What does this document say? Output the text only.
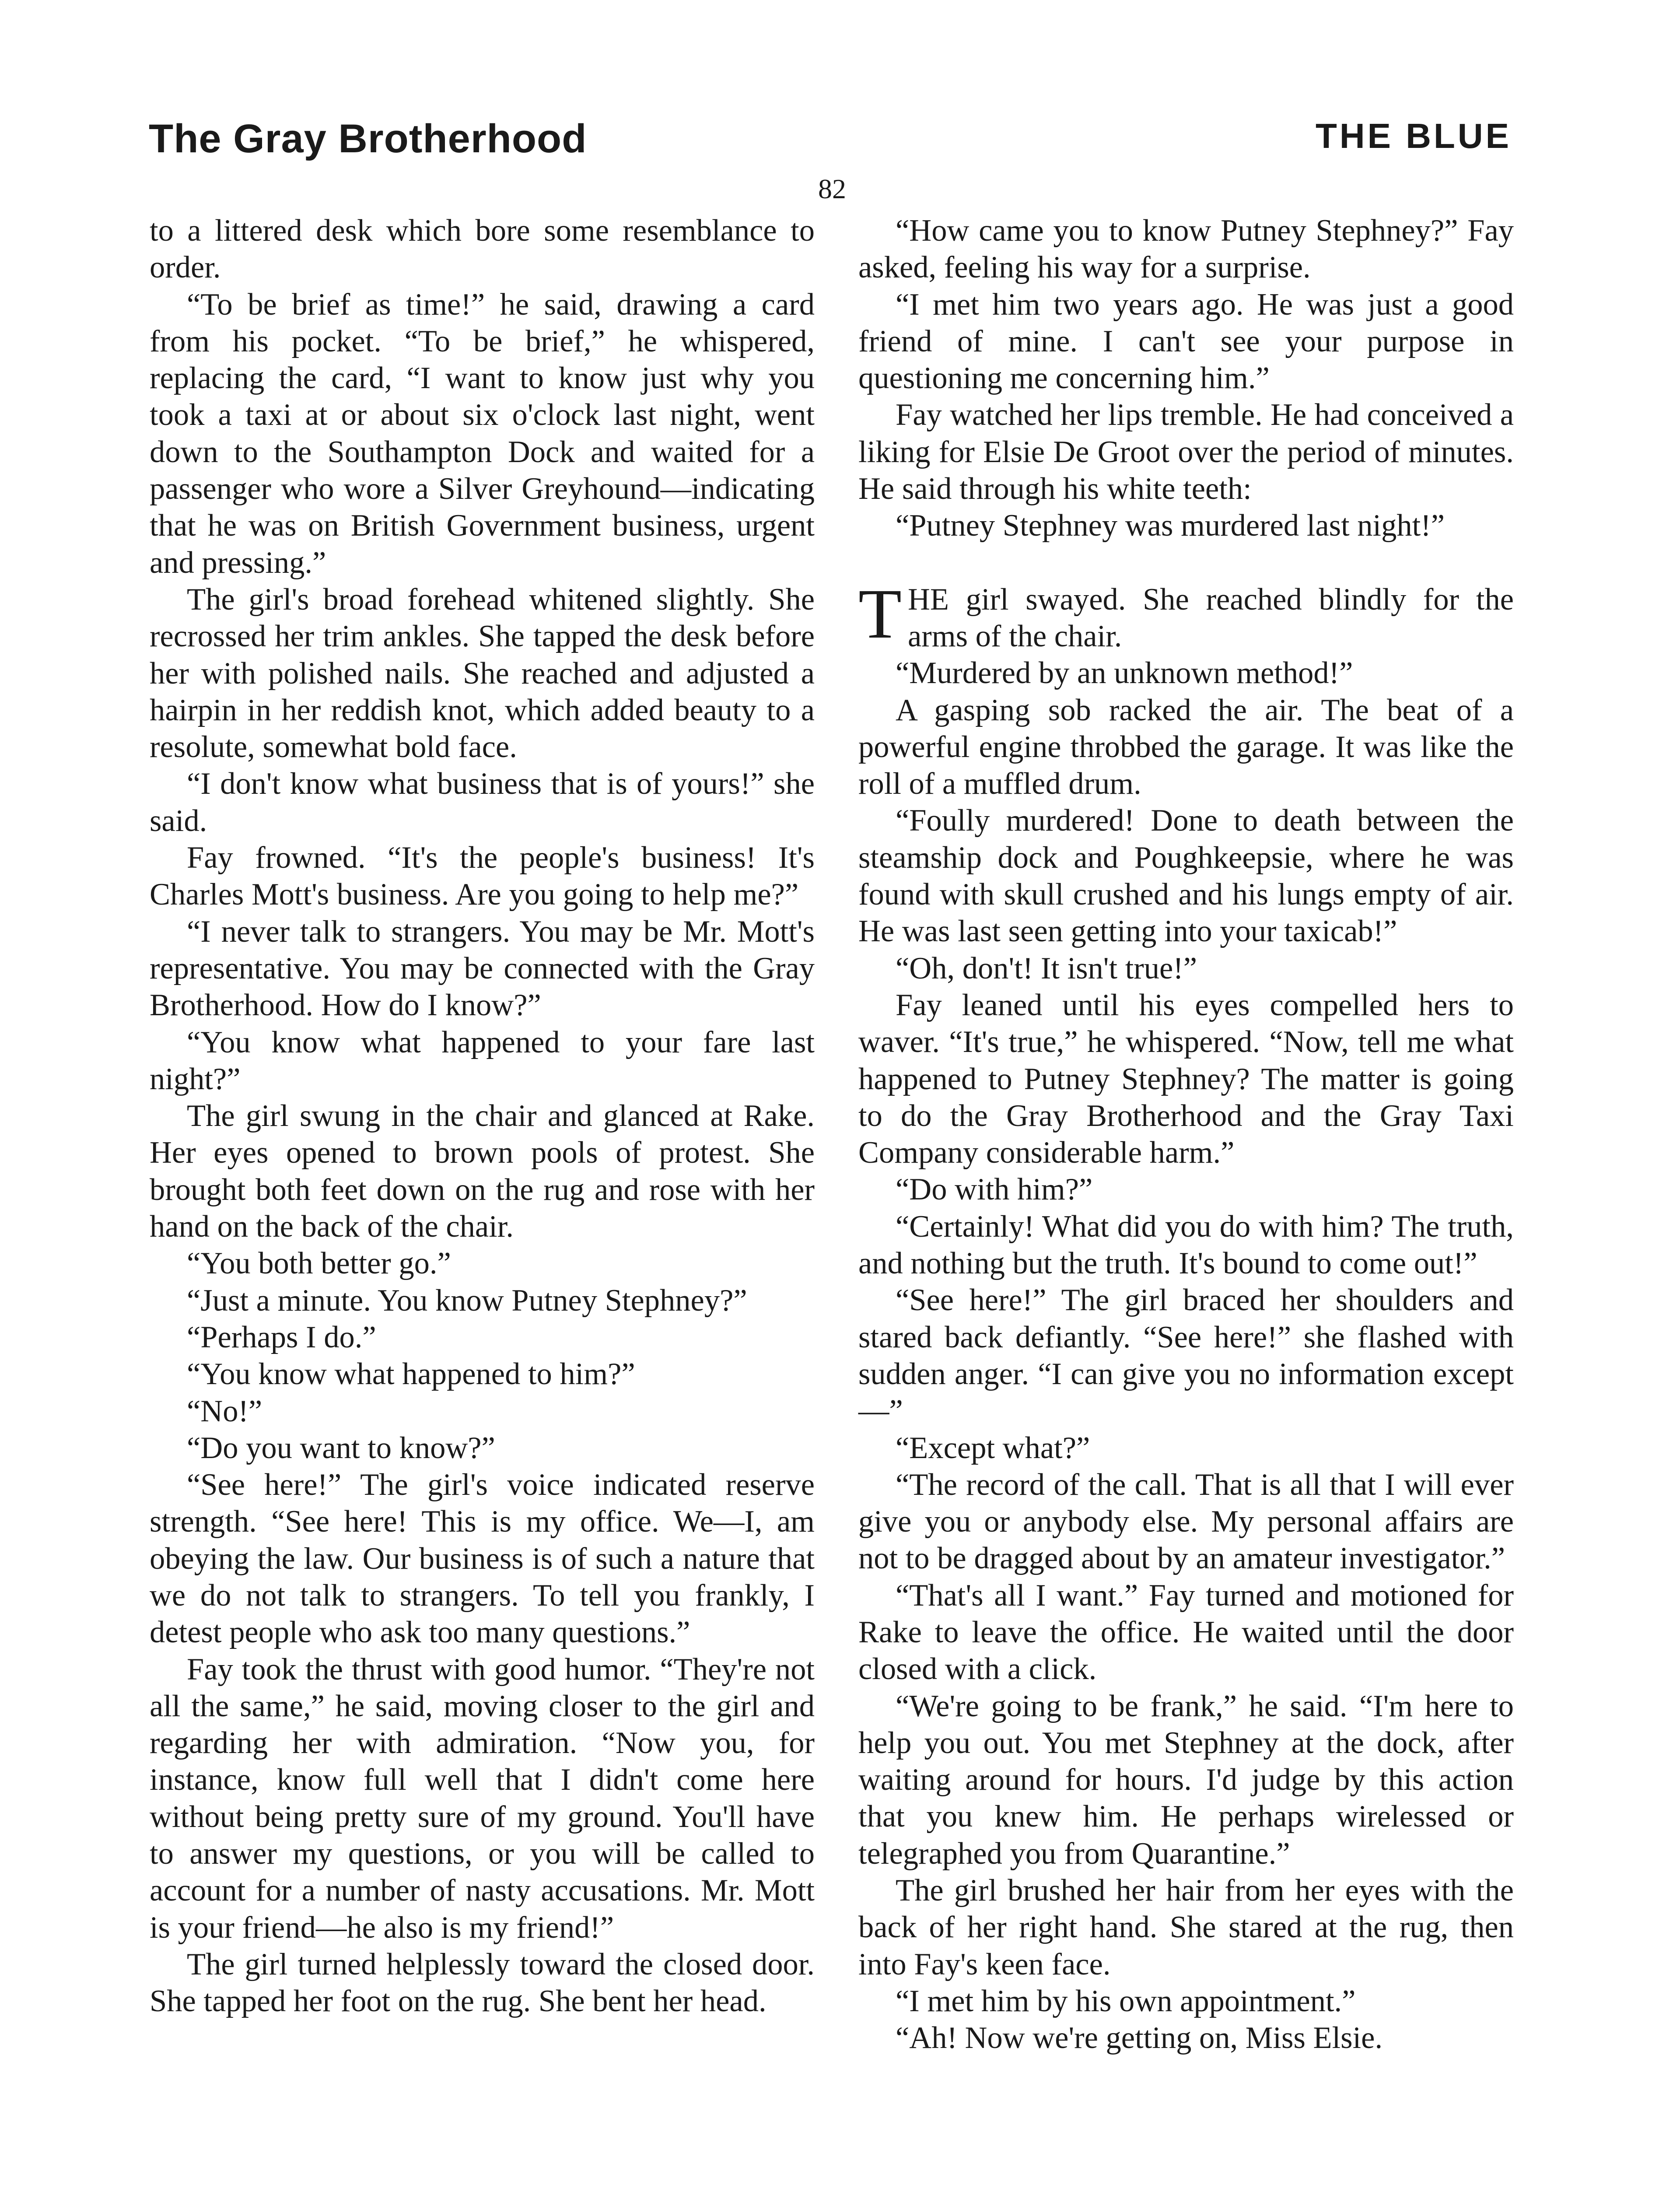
The Gray Brotherhood	THE BLUE
82

to a littered desk which bore some resemblance to order.

“To be brief as time!” he said, drawing a card from his pocket. “To be brief,” he whispered, replacing the card, “I want to know just why you took a taxi at or about six o'clock last night, went down to the Southampton Dock and waited for a passenger who wore a Silver Greyhound—indicating that he was on British Government business, urgent and pressing.”

The girl's broad forehead whitened slightly. She recrossed her trim ankles. She tapped the desk before her with polished nails. She reached and adjusted a hairpin in her reddish knot, which added beauty to a resolute, somewhat bold face.

“I don't know what business that is of yours!” she said.

Fay frowned. “It's the people's business! It's Charles Mott's business. Are you going to help me?”

“I never talk to strangers. You may be Mr. Mott's representative. You may be connected with the Gray Brotherhood. How do I know?”

“You know what happened to your fare last night?”

The girl swung in the chair and glanced at Rake. Her eyes opened to brown pools of protest. She brought both feet down on the rug and rose with her hand on the back of the chair.

“You both better go.”

“Just a minute. You know Putney Stephney?”

“Perhaps I do.”

“You know what happened to him?”

“No!”

“Do you want to know?”

“See here!” The girl's voice indicated reserve strength. “See here! This is my office. We—I, am obeying the law. Our business is of such a nature that we do not talk to strangers. To tell you frankly, I detest people who ask too many questions.”

Fay took the thrust with good humor. “They're not all the same,” he said, moving closer to the girl and regarding her with admiration. “Now you, for instance, know full well that I didn't come here without being pretty sure of my ground. You'll have to answer my questions, or you will be called to account for a number of nasty accusations. Mr. Mott is your friend—he also is my friend!”

The girl turned helplessly toward the closed door. She tapped her foot on the rug. She bent her head.

“How came you to know Putney Stephney?” Fay asked, feeling his way for a surprise.

“I met him two years ago. He was just a good friend of mine. I can't see your purpose in questioning me concerning him.”

Fay watched her lips tremble. He had conceived a liking for Elsie De Groot over the period of minutes. He said through his white teeth:

“Putney Stephney was murdered last night!”

THE girl swayed. She reached blindly for the arms of the chair.

“Murdered by an unknown method!”

A gasping sob racked the air. The beat of a powerful engine throbbed the garage. It was like the roll of a muffled drum.

“Foully murdered! Done to death between the steamship dock and Poughkeepsie, where he was found with skull crushed and his lungs empty of air. He was last seen getting into your taxicab!”

“Oh, don't! It isn't true!”

Fay leaned until his eyes compelled hers to waver. “It's true,” he whispered. “Now, tell me what happened to Putney Stephney? The matter is going to do the Gray Brotherhood and the Gray Taxi Company considerable harm.”

“Do with him?”

“Certainly! What did you do with him? The truth, and nothing but the truth. It's bound to come out!”

“See here!” The girl braced her shoulders and stared back defiantly. “See here!” she flashed with sudden anger. “I can give you no information except—”

“Except what?”

“The record of the call. That is all that I will ever give you or anybody else. My personal affairs are not to be dragged about by an amateur investigator.”

“That's all I want.” Fay turned and motioned for Rake to leave the office. He waited until the door closed with a click.

“We're going to be frank,” he said. “I'm here to help you out. You met Stephney at the dock, after waiting around for hours. I'd judge by this action that you knew him. He perhaps wirelessed or telegraphed you from Quarantine.”

The girl brushed her hair from her eyes with the back of her right hand. She stared at the rug, then into Fay's keen face.

“I met him by his own appointment.”

“Ah! Now we're getting on, Miss Elsie.
